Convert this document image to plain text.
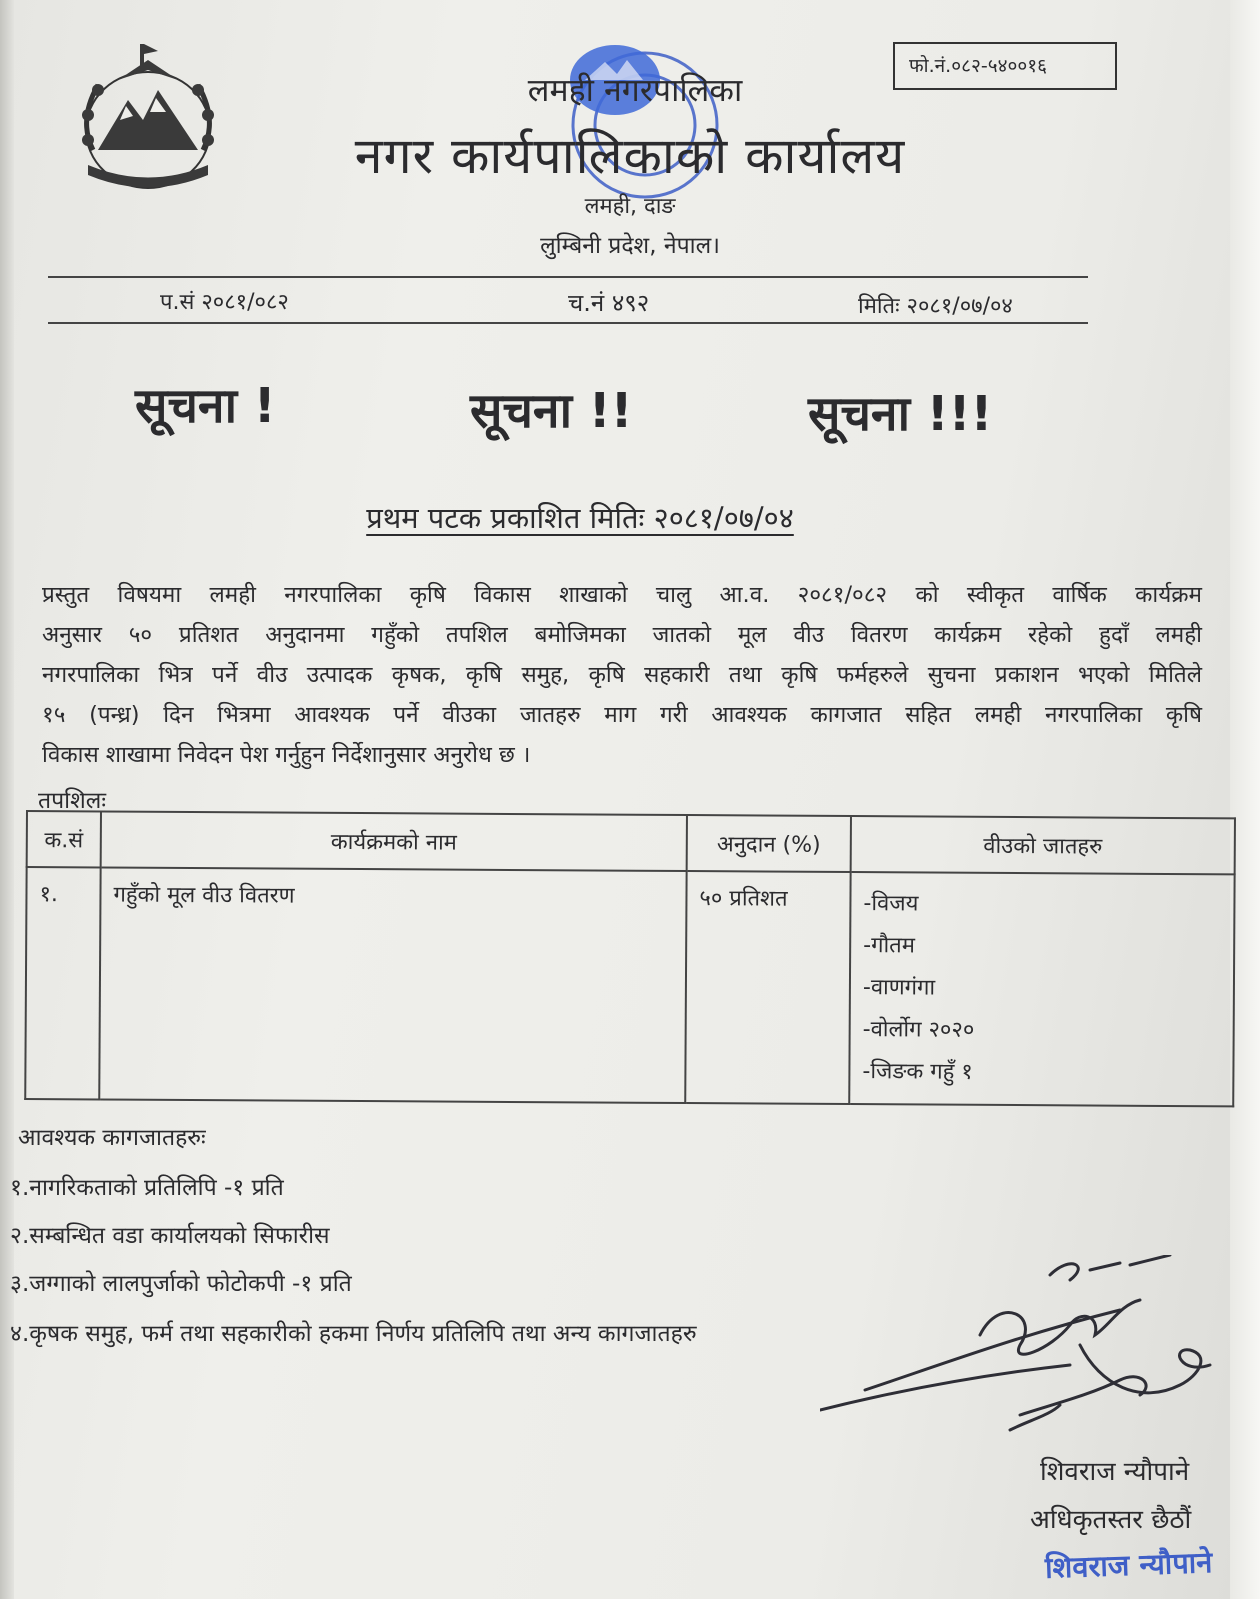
फो.नं.०८२-५४००१६
लमही नगरपालिका
नगर कार्यपालिकाको कार्यालय
लमही, दाङ
लुम्बिनी प्रदेश, नेपाल।
प.सं २०८१/०८२	च.नं ४९२	मितिः २०८१/०७/०४
सूचना !	सूचना !!	सूचना !!!
प्रथम पटक प्रकाशित मितिः २०८१/०७/०४
प्रस्तुत विषयमा लमही नगरपालिका कृषि विकास शाखाको चालु आ.व. २०८१/०८२ को स्वीकृत वार्षिक कार्यक्रम
अनुसार ५० प्रतिशत अनुदानमा गहुँको तपशिल बमोजिमका जातको मूल वीउ वितरण कार्यक्रम रहेको हुदाँ लमही
नगरपालिका भित्र पर्ने वीउ उत्पादक कृषक, कृषि समुह, कृषि सहकारी तथा कृषि फर्महरुले सुचना प्रकाशन भएको मितिले
१५ (पन्ध्र) दिन भित्रमा आवश्यक पर्ने वीउका जातहरु माग गरी आवश्यक कागजात सहित लमही नगरपालिका कृषि
विकास शाखामा निवेदन पेश गर्नुहुन निर्देशानुसार अनुरोध छ ।
तपशिलः
क.सं	कार्यक्रमको नाम	अनुदान (%)	वीउको जातहरु
१.	गहुँको मूल वीउ वितरण	५० प्रतिशत	-विजय
-गौतम
-वाणगंगा
-वोर्लोग २०२०
-जिङक गहुँ १
आवश्यक कागजातहरुः
१.नागरिकताको प्रतिलिपि -१ प्रति
२.सम्बन्धित वडा कार्यालयको सिफारीस
३.जग्गाको लालपुर्जाको फोटोकपी -१ प्रति
४.कृषक समुह, फर्म तथा सहकारीको हकमा निर्णय प्रतिलिपि तथा अन्य कागजातहरु
शिवराज न्यौपाने
अधिकृतस्तर छैठौं
शिवराज न्यौपाने
